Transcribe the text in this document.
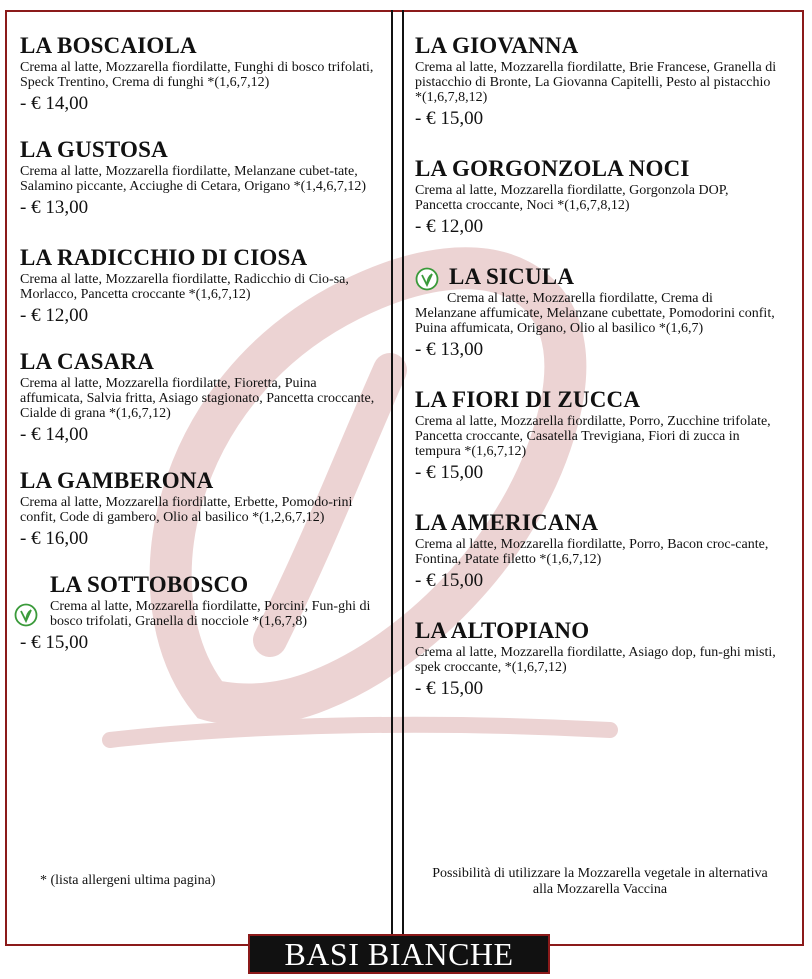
LA BOSCAIOLA

Crema al latte, Mozzarella fiordilatte, Funghi di bosco trifolati, Speck Trentino, Crema di funghi *(1,6,7,12)

- € 14,00
LA GUSTOSA

Crema al latte, Mozzarella fiordilatte, Melanzane cubet-tate, Salamino piccante, Acciughe di Cetara, Origano *(1,4,6,7,12)

- € 13,00
LA RADICCHIO DI CIOSA

Crema al latte, Mozzarella fiordilatte, Radicchio di Cio-sa, Morlacco, Pancetta croccante *(1,6,7,12)

- € 12,00
LA CASARA

Crema al latte, Mozzarella fiordilatte, Fioretta, Puina affumicata, Salvia fritta, Asiago stagionato, Pancetta croccante, Cialde di grana *(1,6,7,12)

- € 14,00
LA GAMBERONA

Crema al latte, Mozzarella fiordilatte, Erbette, Pomodo-rini confit, Code di gambero, Olio al basilico *(1,2,6,7,12)

- € 16,00
LA SOTTOBOSCO

Crema al latte, Mozzarella fiordilatte, Porcini, Fun-ghi di bosco trifolati, Granella di nocciole *(1,6,7,8)

- € 15,00
LA GIOVANNA

Crema al latte, Mozzarella fiordilatte, Brie Francese, Granella di pistacchio di Bronte, La Giovanna Capitelli, Pesto al pistacchio *(1,6,7,8,12)

- € 15,00
LA GORGONZOLA NOCI

Crema al latte, Mozzarella fiordilatte, Gorgonzola DOP, Pancetta croccante, Noci *(1,6,7,8,12)

- € 12,00
LA SICULA

Crema al latte, Mozzarella fiordilatte, Crema di Melanzane affumicate, Melanzane cubettate, Pomodorini confit, Puina affumicata, Origano, Olio al basilico *(1,6,7)

- € 13,00
LA FIORI DI ZUCCA

Crema al latte, Mozzarella fiordilatte, Porro, Zucchine trifolate, Pancetta croccante, Casatella Trevigiana, Fiori di zucca in tempura *(1,6,7,12)

- € 15,00
LA AMERICANA

Crema al latte, Mozzarella fiordilatte, Porro, Bacon croc-cante, Fontina, Patate filetto *(1,6,7,12)

- € 15,00
LA ALTOPIANO

Crema al latte, Mozzarella fiordilatte, Asiago dop, fun-ghi misti, spek croccante, *(1,6,7,12)

- € 15,00
* (lista allergeni ultima pagina)	Possibilità di utilizzare la Mozzarella vegetale in alternativa alla Mozzarella Vaccina
BASI BIANCHE
